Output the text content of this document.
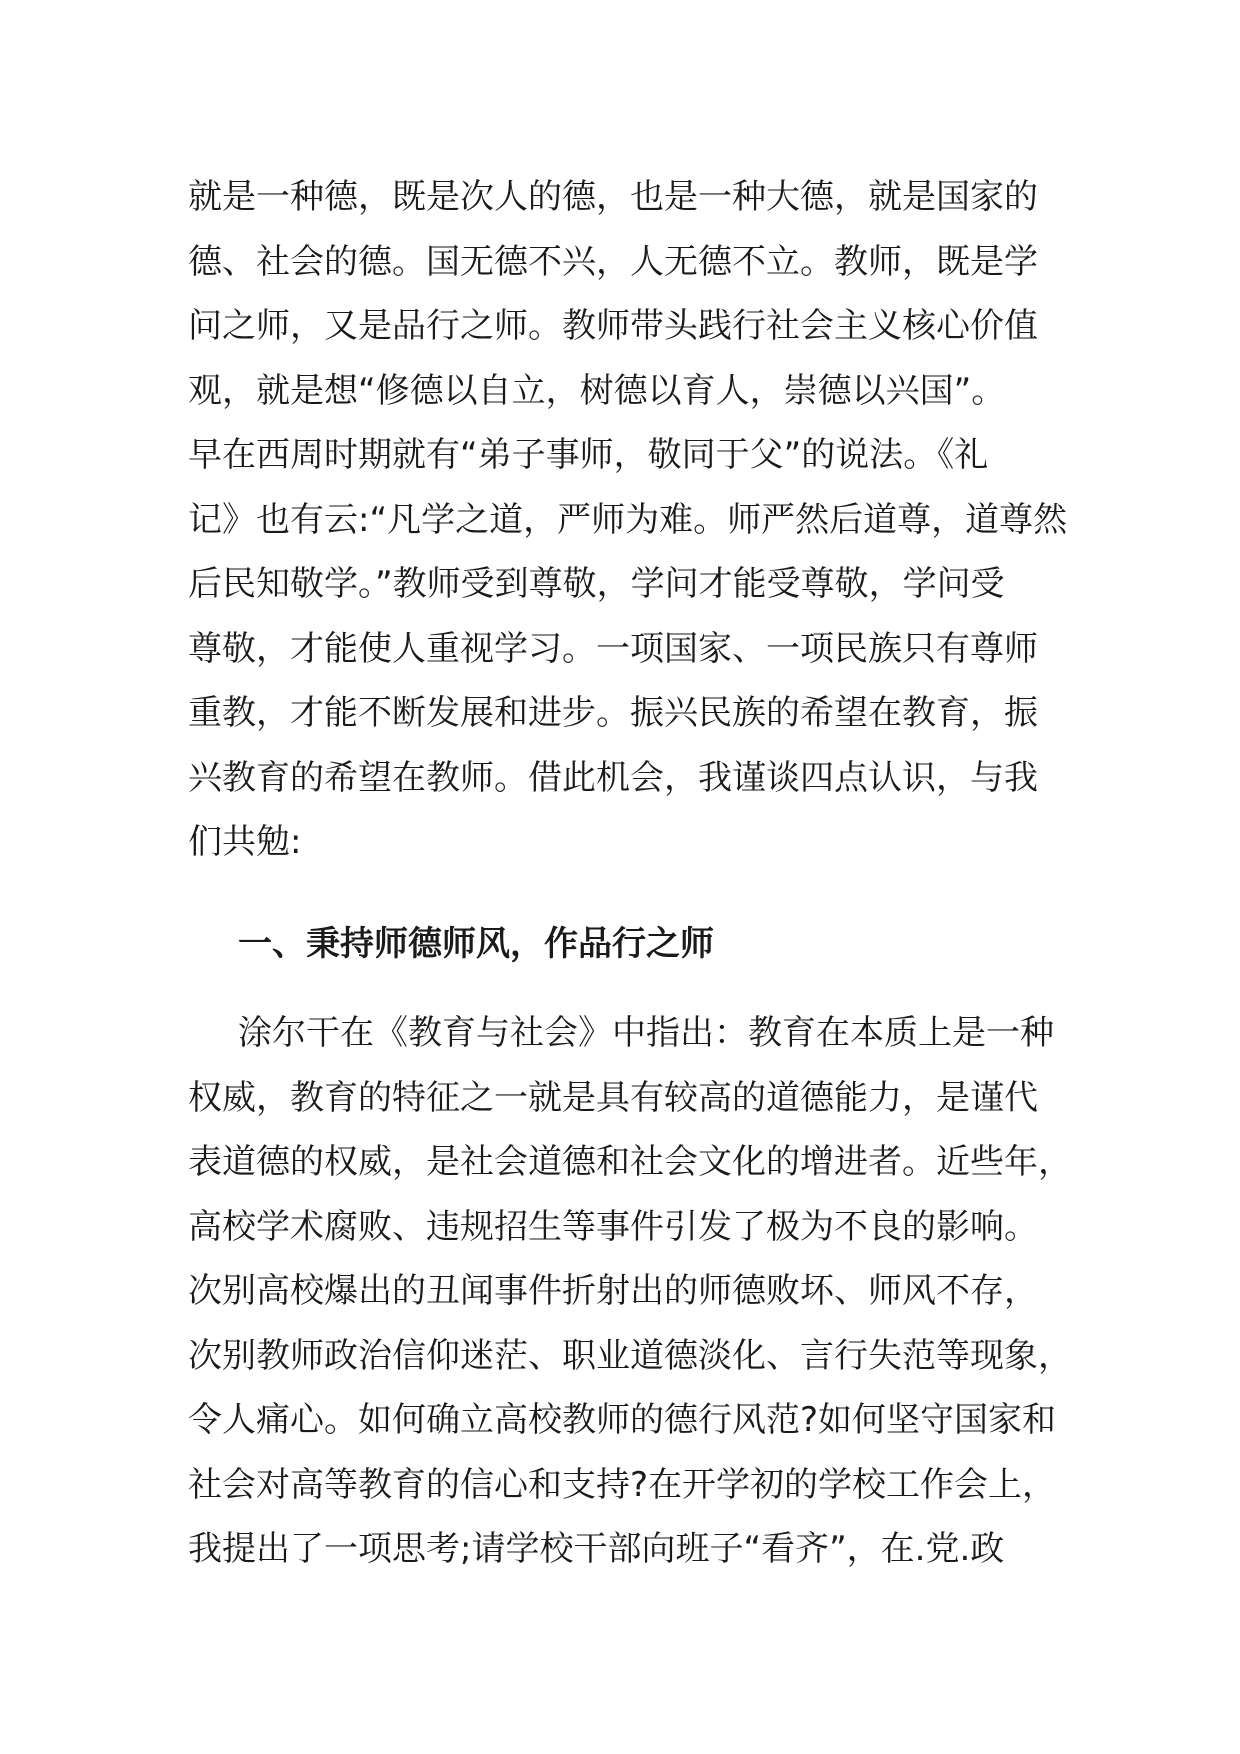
就是一种德，既是次人的德，也是一种大德，就是国家的
德、社会的德。国无德不兴，人无德不立。教师，既是学
问之师，又是品行之师。教师带头践行社会主义核心价值
观，就是想“修德以自立，树德以育人，崇德以兴国”。
早在西周时期就有“弟子事师，敬同于父”的说法。《礼
记》也有云:“凡学之道，严师为难。师严然后道尊，道尊然
后民知敬学。”教师受到尊敬，学问才能受尊敬，学问受
尊敬，才能使人重视学习。一项国家、一项民族只有尊师
重教，才能不断发展和进步。振兴民族的希望在教育，振
兴教育的希望在教师。借此机会，我谨谈四点认识，与我
们共勉:
一、秉持师德师风，作品行之师
涂尔干在《教育与社会》中指出：教育在本质上是一种
权威，教育的特征之一就是具有较高的道德能力，是谨代
表道德的权威，是社会道德和社会文化的增进者。近些年，
高校学术腐败、违规招生等事件引发了极为不良的影响。
次别高校爆出的丑闻事件折射出的师德败坏、师风不存，
次别教师政治信仰迷茫、职业道德淡化、言行失范等现象，
令人痛心。如何确立高校教师的德行风范?如何坚守国家和
社会对高等教育的信心和支持?在开学初的学校工作会上，
我提出了一项思考;请学校干部向班子“看齐”，在.党.政
